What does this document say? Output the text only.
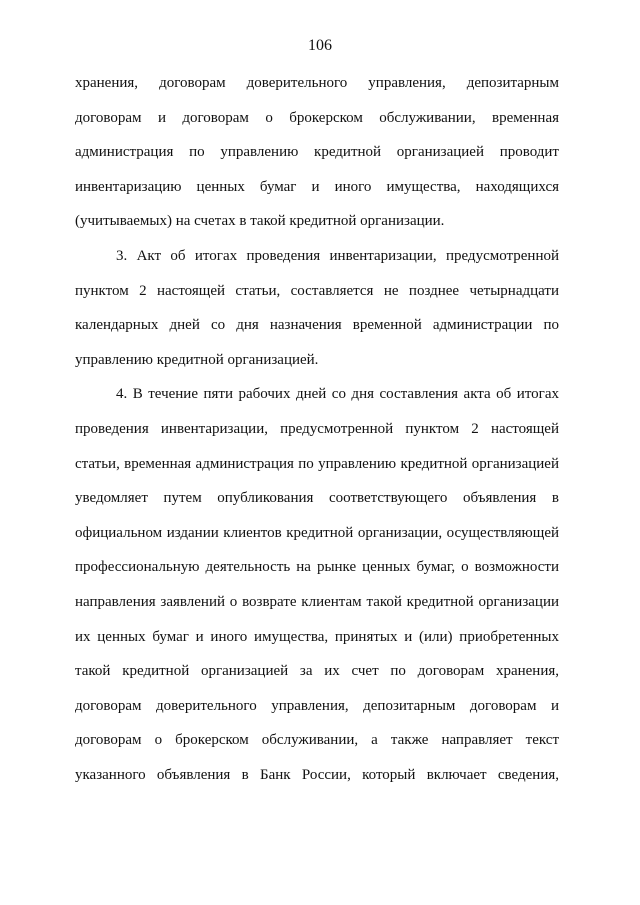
106
хранения, договорам доверительного управления, депозитарным
договорам и договорам о брокерском обслуживании, временная
администрация по управлению кредитной организацией проводит
инвентаризацию ценных бумаг и иного имущества, находящихся
(учитываемых) на счетах в такой кредитной организации.
3. Акт об итогах проведения инвентаризации, предусмотренной
пунктом 2 настоящей статьи, составляется не позднее четырнадцати
календарных дней со дня назначения временной администрации по
управлению кредитной организацией.
4. В течение пяти рабочих дней со дня составления акта об итогах
проведения инвентаризации, предусмотренной пунктом 2 настоящей
статьи, временная администрация по управлению кредитной организацией
уведомляет путем опубликования соответствующего объявления в
официальном издании клиентов кредитной организации, осуществляющей
профессиональную деятельность на рынке ценных бумаг, о возможности
направления заявлений о возврате клиентам такой кредитной организации
их ценных бумаг и иного имущества, принятых и (или) приобретенных
такой кредитной организацией за их счет по договорам хранения,
договорам доверительного управления, депозитарным договорам и
договорам о брокерском обслуживании, а также направляет текст
указанного объявления в Банк России, который включает сведения,
